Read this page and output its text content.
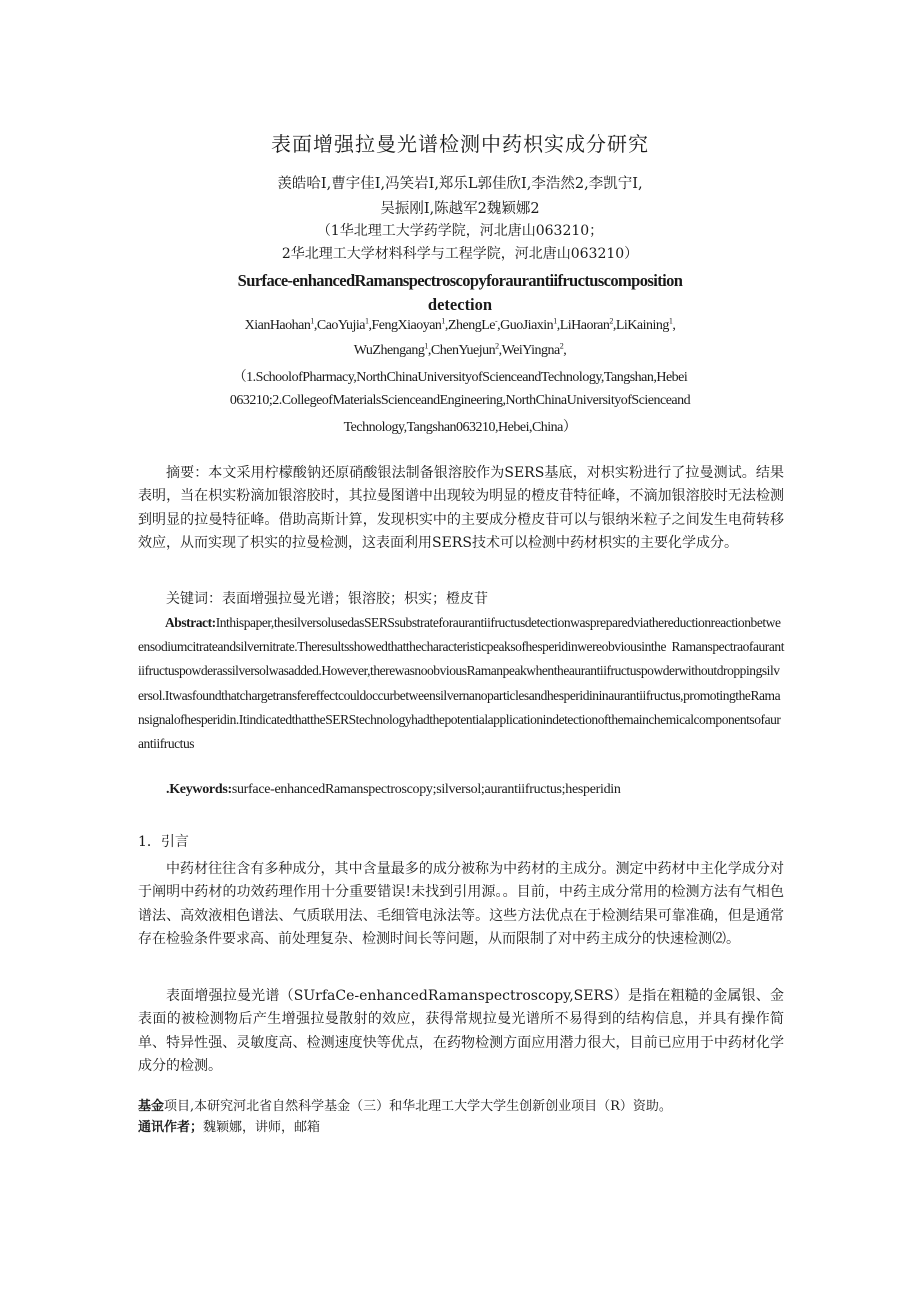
表面增强拉曼光谱检测中药枳实成分研究
羡皓哈I,曹宇佳I,冯笑岩I,郑乐L郭佳欣I,李浩然2,李凯宁I,
吴振刚I,陈越军2魏颖娜2
（1华北理工大学药学院，河北唐山063210；
2华北理工大学材料科学与工程学院，河北唐山063210）
Surface-enhancedRamanspectroscopyforaurantiifructuscomposition
detection
XianHaohan$^1$,CaoYujia$^1$,FengXiaoyan$^1$,ZhengLe-,GuoJiaxin$^1$,LiHaoran$^2$,LiKaining$^1$,
WuZhengang$^1$,ChenYuejun$^2$,WeiYingna$^2$,
（1.SchoolofPharmacy,NorthChinaUniversityofScienceandTechnology,Tangshan,Hebei
063210;2.CollegeofMaterialsScienceandEngineering,NorthChinaUniversityofScienceand
Technology,Tangshan063210,Hebei,China）
摘要：本文采用柠檬酸钠还原硝酸银法制备银溶胶作为SERS基底，对枳实粉进行了拉曼测试。结果表明，当在枳实粉滴加银溶胶时，其拉曼图谱中出现较为明显的橙皮苷特征峰，不滴加银溶胶时无法检测到明显的拉曼特征峰。借助高斯计算，发现枳实中的主要成分橙皮苷可以与银纳米粒子之间发生电荷转移效应，从而实现了枳实的拉曼检测，这表面利用SERS技术可以检测中药材枳实的主要化学成分。
关键词：表面增强拉曼光谱；银溶胶；枳实；橙皮苷
Abstract:Inthispaper,thesilversolusedasSERSsubstrateforaurantiifructusdetectionwaspreparedviathereductionreactionbetweensodiumcitrateandsilvernitrate.Theresultsshowedthatthecharacteristicpeaksofhesperidinwereobviousinthe Ramanspectraofaurantiifructuspowderassilversolwasadded.However,therewasnoobviousRamanpeakwhentheaurantiifructuspowderwithoutdroppingsilversol.Itwasfoundthatchargetransfereffectcouldoccurbetweensilvernanoparticlesandhesperidininaurantiifructus,promotingtheRamansignalofhesperidin.ItindicatedthattheSERStechnologyhadthepotentialapplicationindetectionofthemainchemicalcomponentsofaurantiifructus
.Keywords:surface-enhancedRamanspectroscopy;silversol;aurantiifructus;hesperidin
1．引言
中药材往往含有多种成分，其中含量最多的成分被称为中药材的主成分。测定中药材中主化学成分对于阐明中药材的功效药理作用十分重要错误!未找到引用源。。目前，中药主成分常用的检测方法有气相色谱法、高效液相色谱法、气质联用法、毛细管电泳法等。这些方法优点在于检测结果可靠准确，但是通常存在检验条件要求高、前处理复杂、检测时间长等问题，从而限制了对中药主成分的快速检测⑵。
表面增强拉曼光谱（SUrfaCe-enhancedRamanspectroscopy,SERS）是指在粗糙的金属银、金表面的被检测物后产生增强拉曼散射的效应，获得常规拉曼光谱所不易得到的结构信息，并具有操作简单、特异性强、灵敏度高、检测速度快等优点，在药物检测方面应用潜力很大，目前已应用于中药材化学成分的检测。
基金项目,本研究河北省自然科学基金（三）和华北理工大学大学生创新创业项目（R）资助。
通讯作者；魏颖娜，讲师，邮箱
